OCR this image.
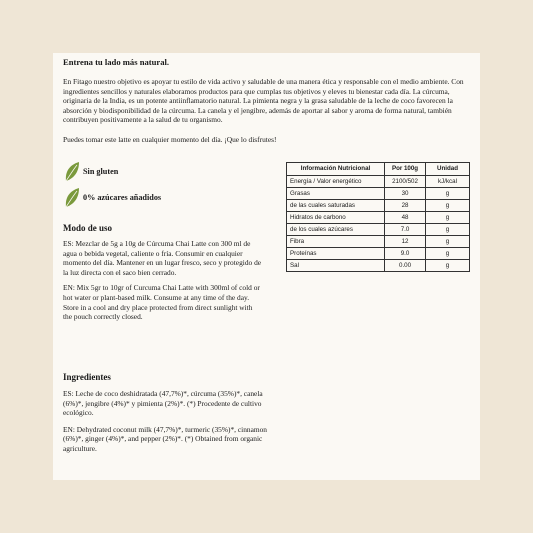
Entrena tu lado más natural.

En Fitago nuestro objetivo es apoyar tu estilo de vida activo y saludable de una manera ética y responsable con el medio ambiente. Con ingredientes sencillos y naturales elaboramos productos para que cumplas tus objetivos y eleves tu bienestar cada día. La cúrcuma, originaria de la India, es un potente antiinflamatorio natural. La pimienta negra y la grasa saludable de la leche de coco favorecen la absorción y biodisponibilidad de la cúrcuma. La canela y el jengibre, además de aportar al sabor y aroma de forma natural, también contribuyen positivamente a la salud de tu organismo.

Puedes tomar este latte en cualquier momento del día. ¡Que lo disfrutes!

Sin gluten
0% azúcares añadidos

Modo de uso

ES: Mezclar de 5g a 10g de Cúrcuma Chai Latte con 300 ml de agua o bebida vegetal, caliente o fría. Consumir en cualquier momento del día. Mantener en un lugar fresco, seco y protegido de la luz directa con el saco bien cerrado.

EN: Mix 5gr to 10gr of Curcuma Chai Latte with 300ml of cold or hot water or plant-based milk. Consume at any time of the day. Store in a cool and dry place protected from direct sunlight with the pouch correctly closed.

Ingredientes

ES: Leche de coco deshidratada (47,7%)*, cúrcuma (35%)*, canela (6%)*, jengibre (4%)* y pimienta (2%)*. (*) Procedente de cultivo ecológico.

EN: Dehydrated coconut milk (47,7%)*, turmeric (35%)*, cinnamon (6%)*, ginger (4%)*, and pepper (2%)*. (*) Obtained from organic agriculture.

Información Nutricional	Por 100g	Unidad
Energía / Valor energético	2100/502	kJ/kcal
Grasas	30	g
de las cuales saturadas	28	g
Hidratos de carbono	48	g
de los cuales azúcares	7.0	g
Fibra	12	g
Proteínas	9.0	g
Sal	0.00	g
